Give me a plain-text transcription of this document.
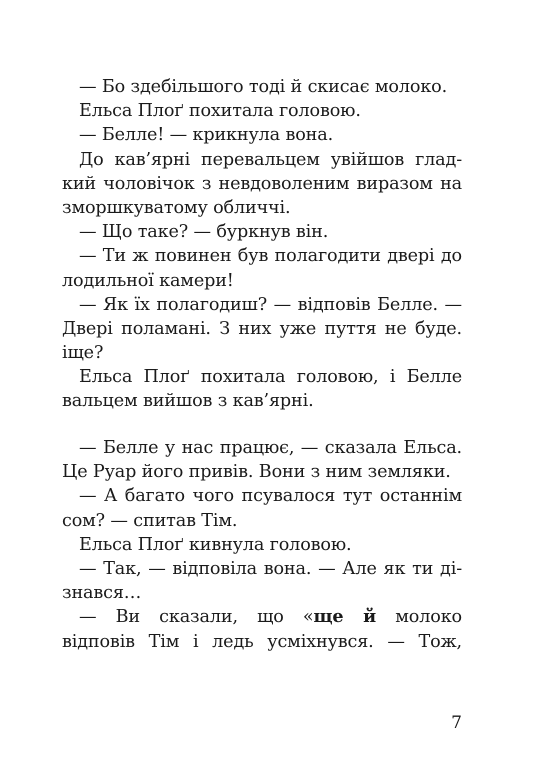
— Бо здебільшого тоді й скисає молоко.
Ельса Плоґ похитала головою.
— Белле! — крикнула вона.
До кав’ярні перевальцем увійшов глад-
кий чоловічок з невдоволеним виразом на
зморшкуватому обличчі.
— Що таке? — буркнув він.
— Ти ж повинен був полагодити двері до
лодильної камери!
— Як їх полагодиш? — відповів Белле. —
Двері поламані. З них уже пуття не буде.
іще?
Ельса Плоґ похитала головою, і Белле
вальцем вийшов з кав’ярні.
— Белле у нас працює, — сказала Ельса.
Це Руар його привів. Вони з ним земляки.
— А багато чого псувалося тут останнім
сом? — спитав Тім.
Ельса Плоґ кивнула головою.
— Так, — відповіла вона. — Але як ти ді-
знався…
— Ви сказали, що «ще й молоко
відповів Тім і ледь усміхнувся. — Тож,
7
